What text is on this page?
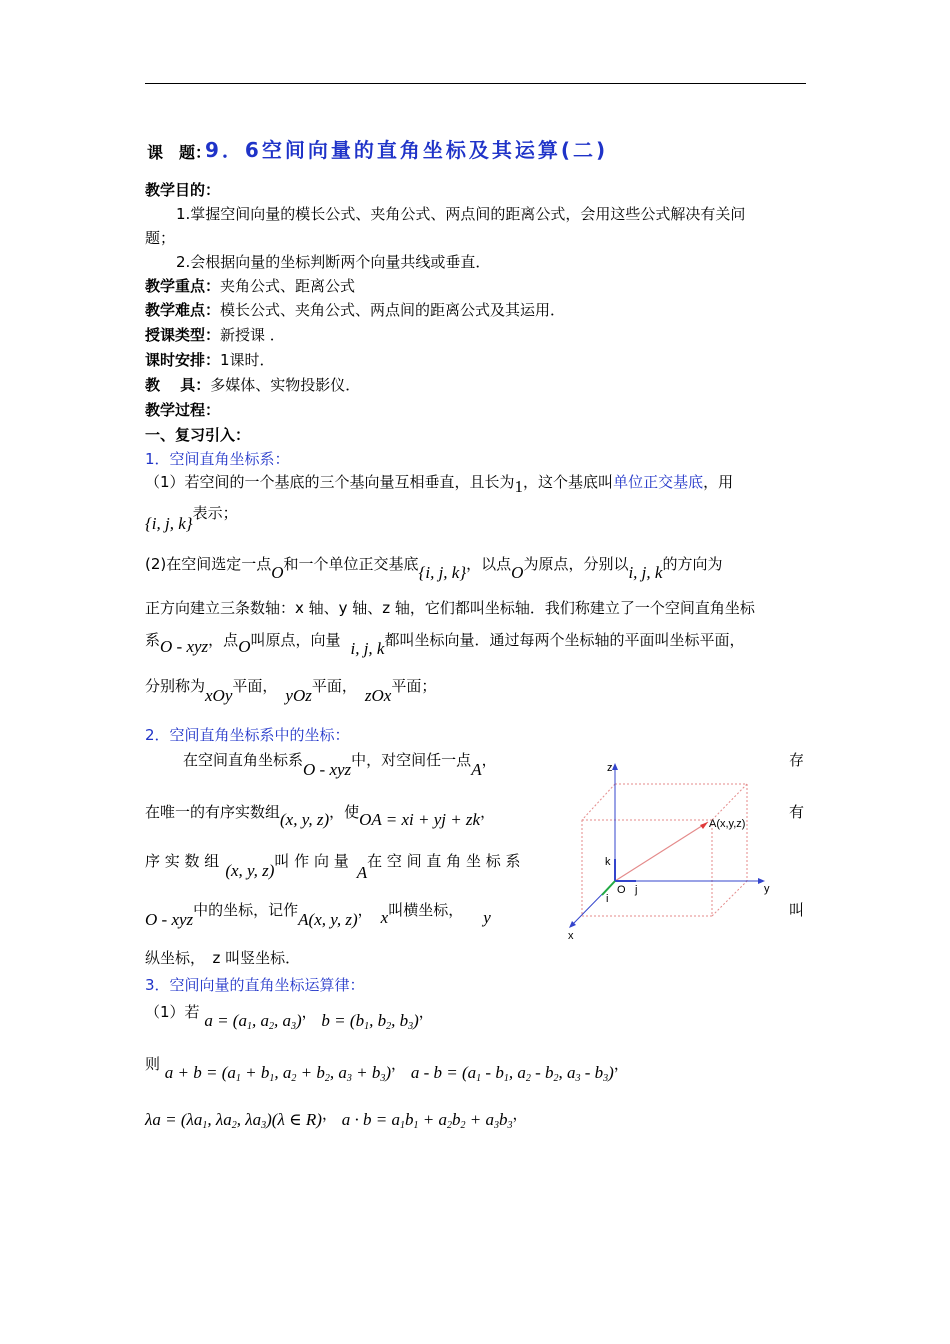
课　题：
9．6空间向量的直角坐标及其运算(二)
教学目的：
1.掌握空间向量的模长公式、夹角公式、两点间的距离公式，会用这些公式解决有关问
题；
2.会根据向量的坐标判断两个向量共线或垂直．
教学重点：夹角公式、距离公式
教学难点：模长公式、夹角公式、两点间的距离公式及其运用．
授课类型：新授课 ．
课时安排：1课时．
教　 具：多媒体、实物投影仪．
教学过程：
一、复习引入：
1．空间直角坐标系：
（1）若空间的一个基底的三个基向量互相垂直，且长为1，这个基底叫单位正交基底，用
{i, j, k}表示；
(2)在空间选定一点O和一个单位正交基底{i, j, k}，以点O为原点，分别以i, j, k的方向为
正方向建立三条数轴：x 轴、y 轴、z 轴，它们都叫坐标轴．我们称建立了一个空间直角坐标
系O - xyz，点O叫原点，向量 i, j, k都叫坐标向量．通过每两个坐标轴的平面叫坐标平面，
分别称为xOy平面， yOz平面， zOx平面；
2．空间直角坐标系中的坐标：
在空间直角坐标系O - xyz中，对空间任一点A，	存
在唯一的有序实数组(x, y, z)，使OA = xi + yj + zk，	有
序 实 数 组 (x, y, z)叫 作 向 量A在 空 间 直 角 坐 标 系
O - xyz中的坐标，记作A(x, y, z)， x叫横坐标， y	叫
纵坐标，　z 叫竖坐标．
z
y
x
k
O j
i
A(x,y,z)
3．空间向量的直角坐标运算律：
（1）若 $a = (a_1$, $a_2$, $a_3$)， $b = (b_1$, $b_2$, $b_3$)，
则 $a + b = (a_1 + b_1$, $a_2 + b_2$, $a_3 + b_3$)， $a - b = (a_1 - b_1$, $a_2 - b_2$, $a_3 - b_3$)，
$\lambda a = (\lambda a_1$, $\lambda a_2$, $\lambda a_3)(\lambda$ ∈ R)， $a \cdot b = a_1b_1 + a_2b_2 + a_3b_3$，
